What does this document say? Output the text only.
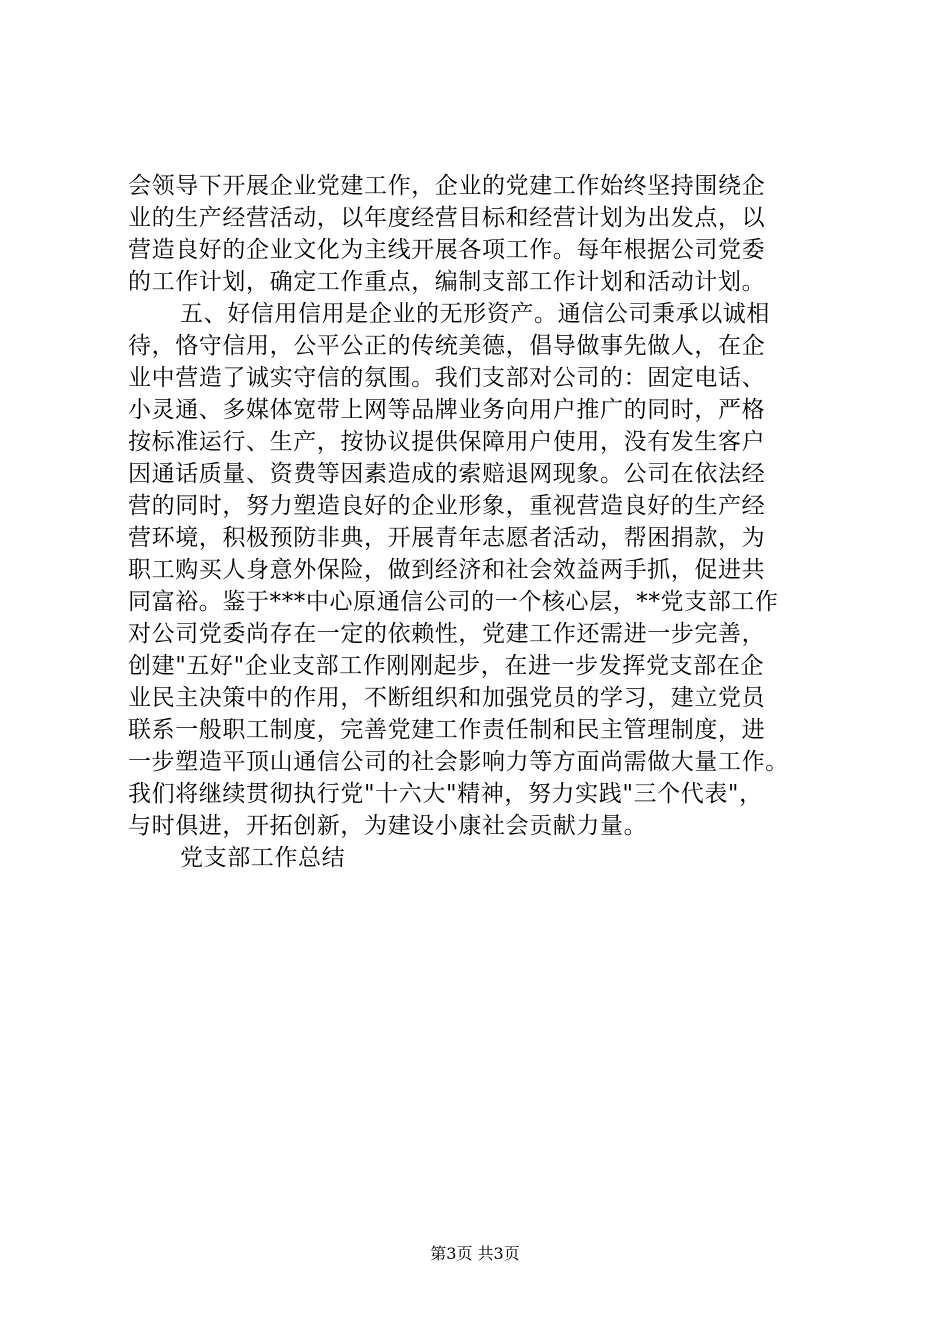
会领导下开展企业党建工作，企业的党建工作始终坚持围绕企
业的生产经营活动，以年度经营目标和经营计划为出发点，以
营造良好的企业文化为主线开展各项工作。每年根据公司党委
的工作计划，确定工作重点，编制支部工作计划和活动计划。
五、好信用信用是企业的无形资产。通信公司秉承以诚相
待，恪守信用，公平公正的传统美德，倡导做事先做人，在企
业中营造了诚实守信的氛围。我们支部对公司的：固定电话、
小灵通、多媒体宽带上网等品牌业务向用户推广的同时，严格
按标准运行、生产，按协议提供保障用户使用，没有发生客户
因通话质量、资费等因素造成的索赔退网现象。公司在依法经
营的同时，努力塑造良好的企业形象，重视营造良好的生产经
营环境，积极预防非典，开展青年志愿者活动，帮困捐款，为
职工购买人身意外保险，做到经济和社会效益两手抓，促进共
同富裕。鉴于***中心原通信公司的一个核心层，**党支部工作
对公司党委尚存在一定的依赖性，党建工作还需进一步完善，
创建"五好"企业支部工作刚刚起步，在进一步发挥党支部在企
业民主决策中的作用，不断组织和加强党员的学习，建立党员
联系一般职工制度，完善党建工作责任制和民主管理制度，进
一步塑造平顶山通信公司的社会影响力等方面尚需做大量工作。
我们将继续贯彻执行党"十六大"精神，努力实践"三个代表"，
与时俱进，开拓创新，为建设小康社会贡献力量。
党支部工作总结
第3页 共3页
